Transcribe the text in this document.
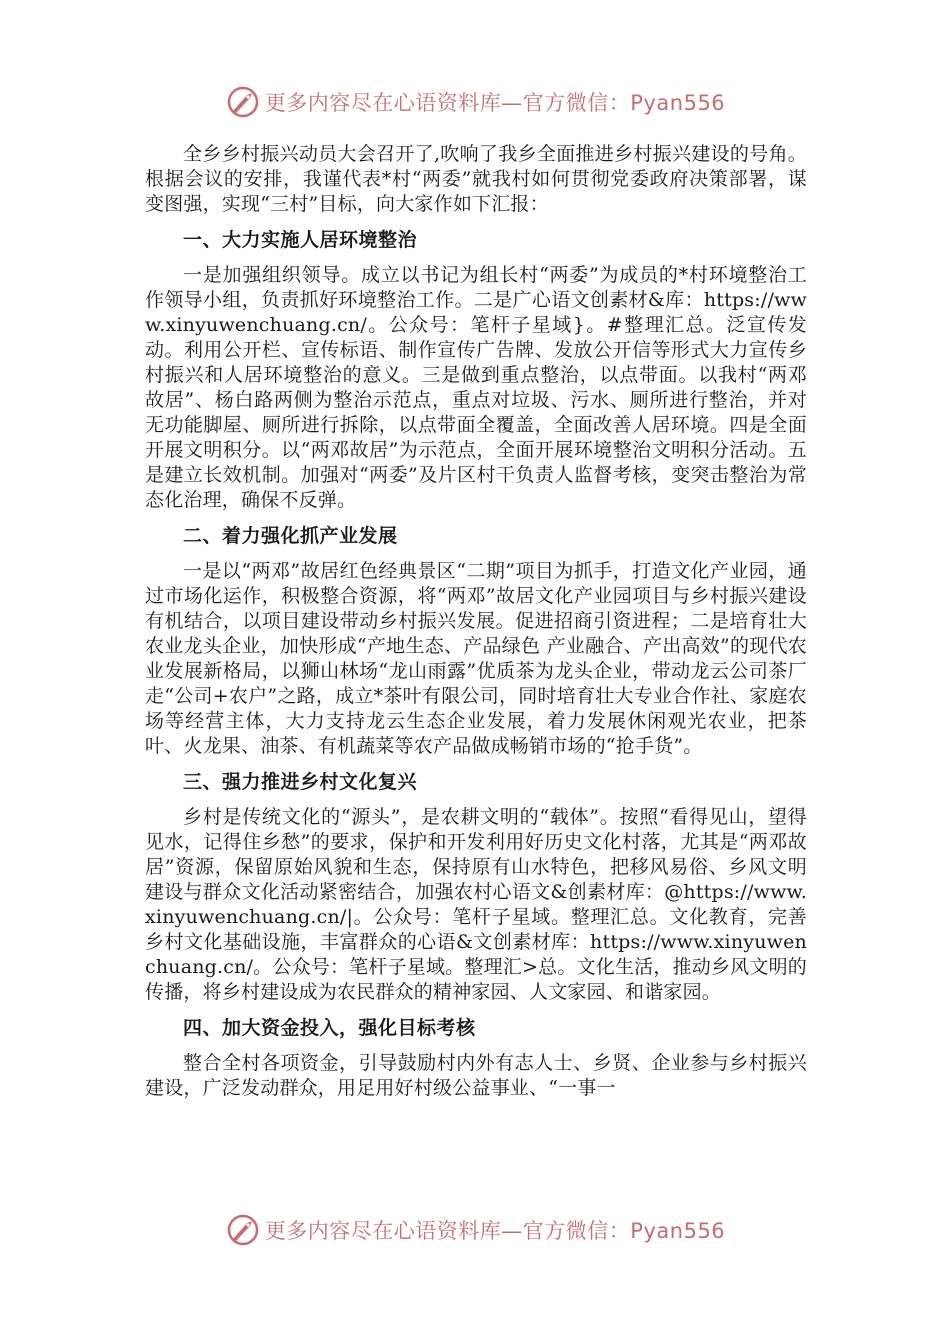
更多内容尽在心语资料库—官方微信：Pyan556

全乡乡村振兴动员大会召开了,吹响了我乡全面推进乡村振兴建设的号角。根据会议的安排，我谨代表*村“两委”就我村如何贯彻党委政府决策部署，谋变图强，实现“三村”目标，向大家作如下汇报：

一、大力实施人居环境整治

一是加强组织领导。成立以书记为组长村“两委”为成员的*村环境整治工作领导小组，负责抓好环境整治工作。二是广心语文创素材&库：https://www.xinyuwenchuang.cn/。公众号：笔杆子星域}。#整理汇总。泛宣传发动。利用公开栏、宣传标语、制作宣传广告牌、发放公开信等形式大力宣传乡村振兴和人居环境整治的意义。三是做到重点整治，以点带面。以我村“两邓故居”、杨白路两侧为整治示范点，重点对垃圾、污水、厕所进行整治，并对无功能脚屋、厕所进行拆除，以点带面全覆盖，全面改善人居环境。四是全面开展文明积分。以“两邓故居”为示范点，全面开展环境整治文明积分活动。五是建立长效机制。加强对“两委”及片区村干负责人监督考核，变突击整治为常态化治理，确保不反弹。

二、着力强化抓产业发展

一是以“两邓”故居红色经典景区“二期”项目为抓手，打造文化产业园，通过市场化运作，积极整合资源，将“两邓”故居文化产业园项目与乡村振兴建设有机结合，以项目建设带动乡村振兴发展。促进招商引资进程；二是培育壮大农业龙头企业，加快形成“产地生态、产品绿色 产业融合、产出高效”的现代农业发展新格局，以狮山林场“龙山雨露”优质茶为龙头企业，带动龙云公司茶厂走“公司+农户”之路，成立*茶叶有限公司，同时培育壮大专业合作社、家庭农场等经营主体，大力支持龙云生态企业发展，着力发展休闲观光农业，把茶叶、火龙果、油茶、有机蔬菜等农产品做成畅销市场的“抢手货”。

三、强力推进乡村文化复兴

乡村是传统文化的“源头”，是农耕文明的“载体”。按照“看得见山，望得见水，记得住乡愁”的要求，保护和开发利用好历史文化村落，尤其是“两邓故居”资源，保留原始风貌和生态，保持原有山水特色，把移风易俗、乡风文明建设与群众文化活动紧密结合，加强农村心语文&创素材库：@https://www.xinyuwenchuang.cn/|。公众号：笔杆子星域。整理汇总。文化教育，完善乡村文化基础设施，丰富群众的心语&文创素材库：https://www.xinyuwenchuang.cn/。公众号：笔杆子星域。整理汇>总。文化生活，推动乡风文明的传播，将乡村建设成为农民群众的精神家园、人文家园、和谐家园。

四、加大资金投入，强化目标考核

整合全村各项资金，引导鼓励村内外有志人士、乡贤、企业参与乡村振兴建设，广泛发动群众，用足用好村级公益事业、“一事一

更多内容尽在心语资料库—官方微信：Pyan556
